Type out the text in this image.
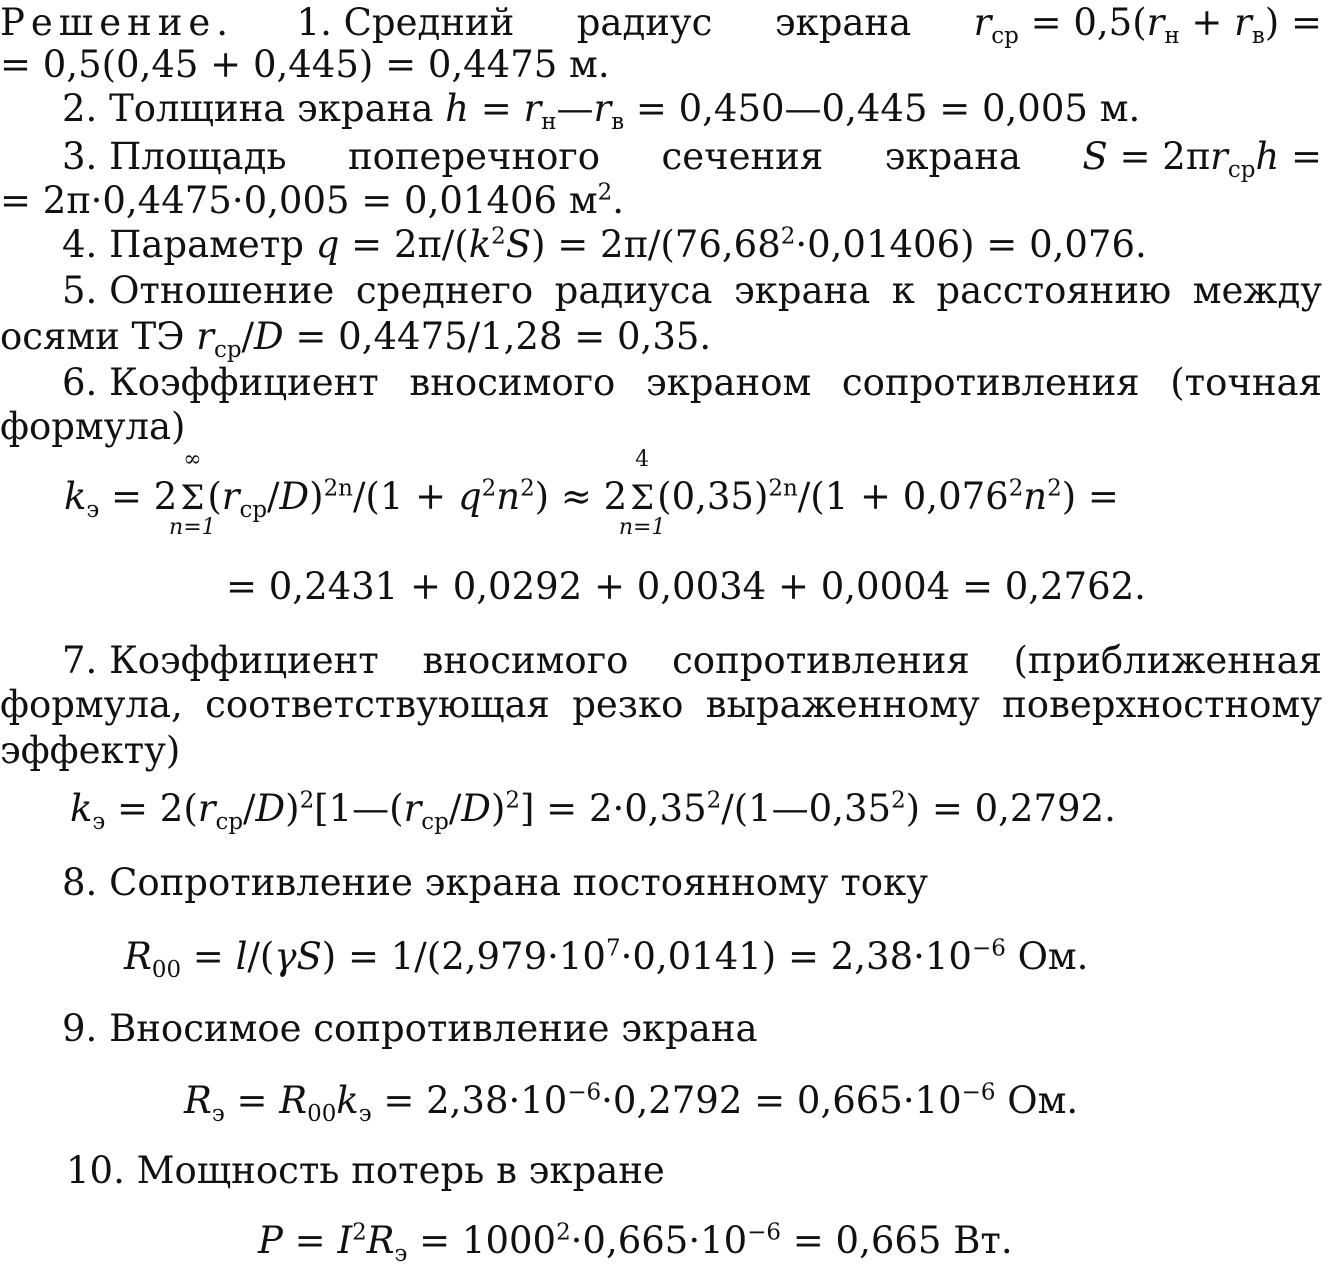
Решение. 1. Средний радиус экрана $r_{ср} = 0,5(r_н + r_в)$ =
= 0,5(0,45 + 0,445) = 0,4475 м.
2. Толщина экрана $h = r_н—r_в$ = 0,450—0,445 = 0,005 м.
3. Площадь поперечного сечения экрана $S = 2\pi r_{ср}h$ =
= 2π·0,4475·0,005 = 0,01406 $м^2$.
4. Параметр $q = 2\pi/(k^2S) = 2\pi/(76,68^2\cdot 0,01406) = 0,076$.
5. Отношение среднего радиуса экрана к расстоянию между
осями ТЭ $r_{ср}/D = 0,4475/1,28 = 0,35$.
6. Коэффициент вносимого экраном сопротивления (точная
формула)
$k_э = 2$
∞
Σ
n=1
$(r_{ср}/D)^{2n}/(1 + q^2n^2) \approx 2$
4
Σ
n=1
$(0,35)^{2n}/(1 + 0,076^2n^2)$ =
= 0,2431 + 0,0292 + 0,0034 + 0,0004 = 0,2762.
7. Коэффициент вносимого сопротивления (приближенная
формула, соответствующая резко выраженному поверхностному
эффекту)
$k_э$ = $2(r_{ср}/D)^2[1—(r_{ср}/D)^2]$ = $2\cdot 0,35^2/(1—0,35^2) = 0,2792$.
8. Сопротивление экрана постоянному току
$R_{00} = l/(\gamma S) = 1/(2,979\cdot 10^7\cdot 0,0141) = 2,38\cdot 10^{-6}$ Ом.
9. Вносимое сопротивление экрана
$R_э = R_{00}k_э = 2,38\cdot 10^{-6}\cdot 0,2792 = 0,665\cdot 10^{-6}$ Ом.
10. Мощность потерь в экране
$P = I^2R_э = 1000^2\cdot 0,665\cdot 10^{-6} = 0,665$ Вт.
